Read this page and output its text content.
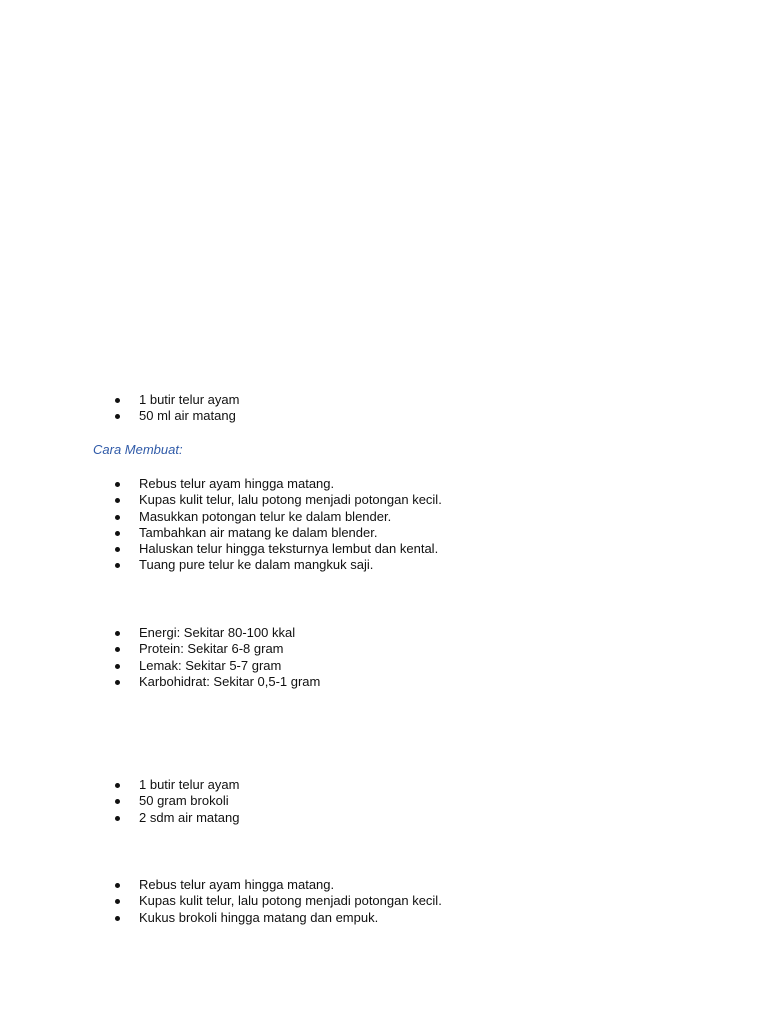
1 butir telur ayam
50 ml air matang
Cara Membuat:
Rebus telur ayam hingga matang.
Kupas kulit telur, lalu potong menjadi potongan kecil.
Masukkan potongan telur ke dalam blender.
Tambahkan air matang ke dalam blender.
Haluskan telur hingga teksturnya lembut dan kental.
Tuang pure telur ke dalam mangkuk saji.
Energi: Sekitar 80-100 kkal
Protein: Sekitar 6-8 gram
Lemak: Sekitar 5-7 gram
Karbohidrat: Sekitar 0,5-1 gram
1 butir telur ayam
50 gram brokoli
2 sdm air matang
Rebus telur ayam hingga matang.
Kupas kulit telur, lalu potong menjadi potongan kecil.
Kukus brokoli hingga matang dan empuk.
